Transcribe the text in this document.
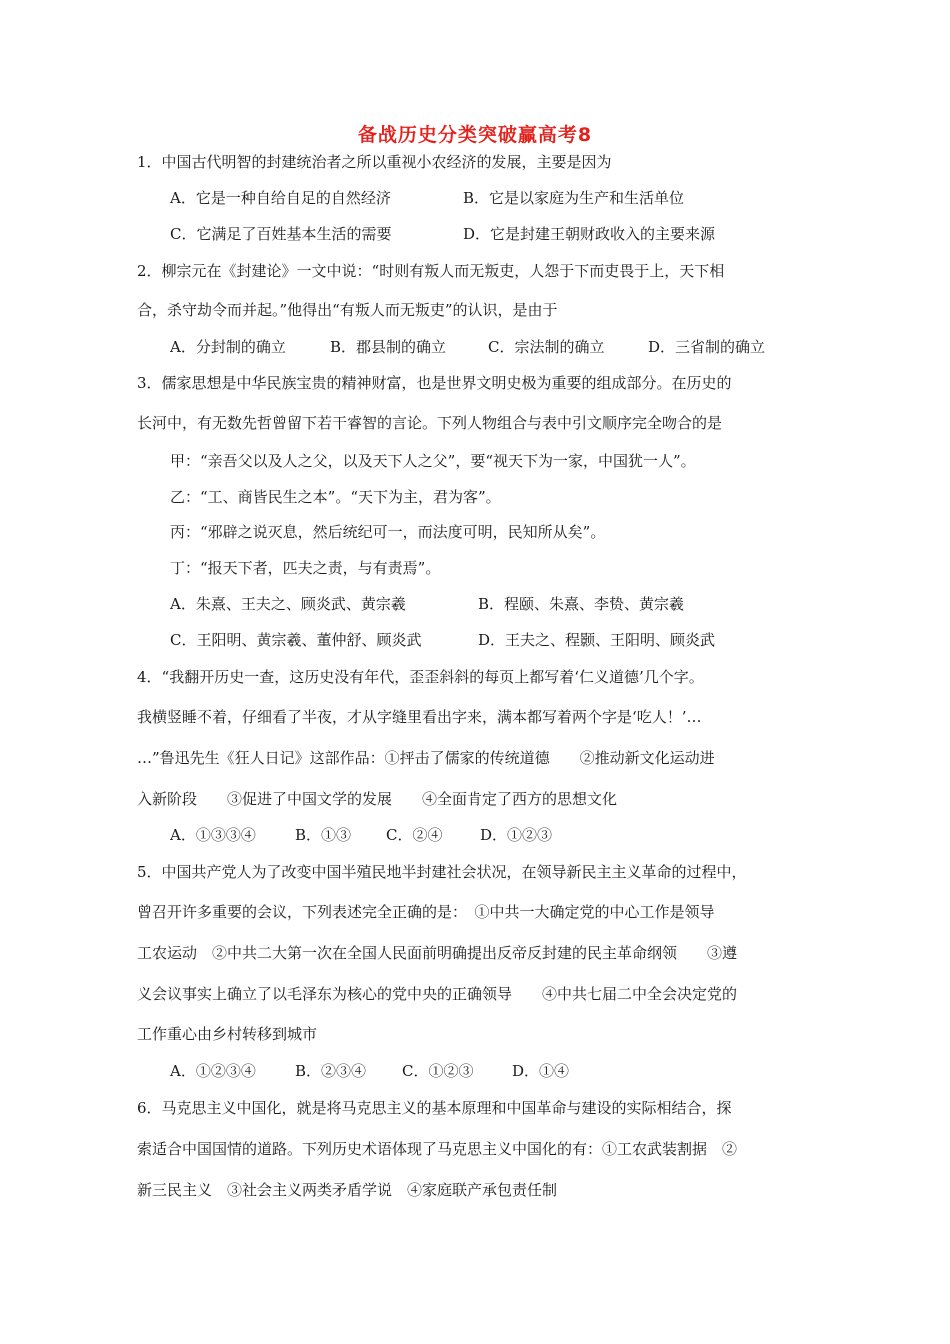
备战历史分类突破赢高考8
1．中国古代明智的封建统治者之所以重视小农经济的发展，主要是因为
A．它是一种自给自足的自然经济	B．它是以家庭为生产和生活单位
C．它满足了百姓基本生活的需要	D．它是封建王朝财政收入的主要来源
2．柳宗元在《封建论》一文中说：“时则有叛人而无叛吏，人怨于下而吏畏于上，天下相
合，杀守劫令而并起。”他得出“有叛人而无叛吏”的认识，是由于
A．分封制的确立	B．郡县制的确立	C．宗法制的确立	D．三省制的确立
3．儒家思想是中华民族宝贵的精神财富，也是世界文明史极为重要的组成部分。在历史的
长河中，有无数先哲曾留下若干睿智的言论。下列人物组合与表中引文顺序完全吻合的是
甲：“亲吾父以及人之父，以及天下人之父”，要“视天下为一家，中国犹一人”。
乙：“工、商皆民生之本”。“天下为主，君为客”。
丙：“邪辟之说灭息，然后统纪可一，而法度可明，民知所从矣”。
丁：“报天下者，匹夫之责，与有责焉”。
A．朱熹、王夫之、顾炎武、黄宗羲	B．程颐、朱熹、李贽、黄宗羲
C．王阳明、黄宗羲、董仲舒、顾炎武	D．王夫之、程颢、王阳明、顾炎武
4．“我翻开历史一查，这历史没有年代，歪歪斜斜的每页上都写着‘仁义道德’几个字。
我横竖睡不着，仔细看了半夜，才从字缝里看出字来，满本都写着两个字是‘吃人！’…
…”鲁迅先生《狂人日记》这部作品：①抨击了儒家的传统道德　　②推动新文化运动进
入新阶段　　③促进了中国文学的发展　　④全面肯定了西方的思想文化
A．①③③④	B．①③ C．②④	D．①②③
5．中国共产党人为了改变中国半殖民地半封建社会状况，在领导新民主主义革命的过程中，
曾召开许多重要的会议，下列表述完全正确的是：　①中共一大确定党的中心工作是领导
工农运动　②中共二大第一次在全国人民面前明确提出反帝反封建的民主革命纲领　　③遵
义会议事实上确立了以毛泽东为核心的党中央的正确领导　　④中共七届二中全会决定党的
工作重心由乡村转移到城市
A．①②③④	B．②③④ C．①②③	D．①④
6．马克思主义中国化，就是将马克思主义的基本原理和中国革命与建设的实际相结合，探
索适合中国国情的道路。下列历史术语体现了马克思主义中国化的有：①工农武装割据　②
新三民主义　③社会主义两类矛盾学说　④家庭联产承包责任制
